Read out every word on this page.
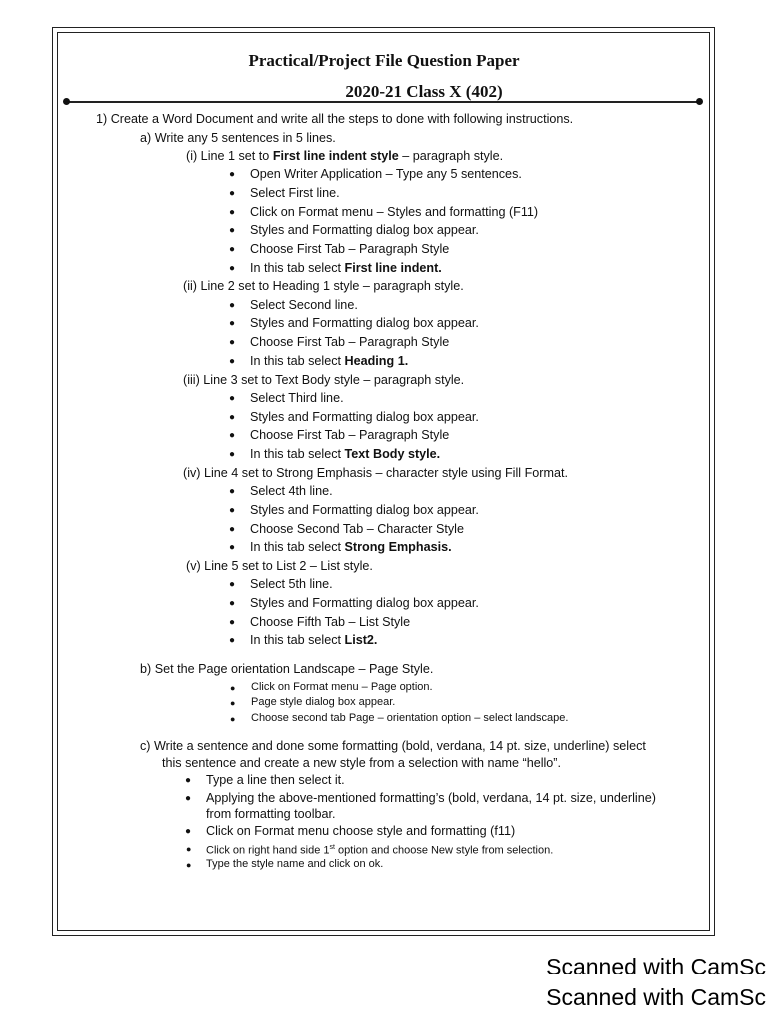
Practical/Project File Question Paper
2020-21 Class X (402)
1) Create a Word Document and write all the steps to done with following instructions.
a) Write any 5 sentences in 5 lines.
(i) Line 1 set to First line indent style – paragraph style.
● Open Writer Application – Type any 5 sentences.
● Select First line.
● Click on Format menu – Styles and formatting (F11)
● Styles and Formatting dialog box appear.
● Choose First Tab – Paragraph Style
● In this tab select First line indent.
(ii) Line 2 set to Heading 1 style – paragraph style.
● Select Second line.
● Styles and Formatting dialog box appear.
● Choose First Tab – Paragraph Style
● In this tab select Heading 1.
(iii) Line 3 set to Text Body style – paragraph style.
● Select Third line.
● Styles and Formatting dialog box appear.
● Choose First Tab – Paragraph Style
● In this tab select Text Body style.
(iv) Line 4 set to Strong Emphasis – character style using Fill Format.
● Select 4th line.
● Styles and Formatting dialog box appear.
● Choose Second Tab – Character Style
● In this tab select Strong Emphasis.
(v) Line 5 set to List 2 – List style.
● Select 5th line.
● Styles and Formatting dialog box appear.
● Choose Fifth Tab – List Style
● In this tab select List2.
b) Set the Page orientation Landscape – Page Style.
● Click on Format menu – Page option.
● Page style dialog box appear.
● Choose second tab Page – orientation option – select landscape.
c) Write a sentence and done some formatting (bold, verdana, 14 pt. size, underline) select
this sentence and create a new style from a selection with name “hello”.
● Type a line then select it.
● Applying the above-mentioned formatting’s (bold, verdana, 14 pt. size, underline)
from formatting toolbar.
● Click on Format menu choose style and formatting (f11)
● Click on right hand side 1st option and choose New style from selection.
● Type the style name and click on ok.
Scanned with CamSc
Scanned with CamSc
